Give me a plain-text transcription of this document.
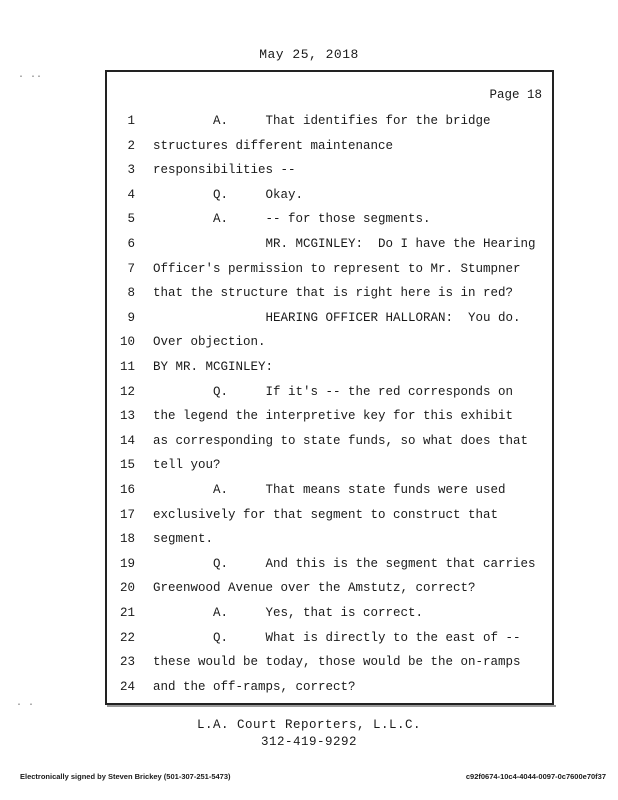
May 25, 2018
· ··
· ·
Page 18
1 A.     That identifies for the bridge
2 structures different maintenance
3 responsibilities --
4 Q.     Okay.
5 A.     -- for those segments.
6 MR. MCGINLEY:  Do I have the Hearing
7 Officer's permission to represent to Mr. Stumpner
8 that the structure that is right here is in red?
9 HEARING OFFICER HALLORAN:  You do.
10 Over objection.
11 BY MR. MCGINLEY:
12 Q.     If it's -- the red corresponds on
13 the legend the interpretive key for this exhibit
14 as corresponding to state funds, so what does that
15 tell you?
16 A.     That means state funds were used
17 exclusively for that segment to construct that
18 segment.
19 Q.     And this is the segment that carries
20 Greenwood Avenue over the Amstutz, correct?
21 A.     Yes, that is correct.
22 Q.     What is directly to the east of --
23 these would be today, those would be the on-ramps
24 and the off-ramps, correct?
L.A. Court Reporters, L.L.C.
312-419-9292
Electronically signed by Steven Brickey (501-307-251-5473)	c92f0674-10c4-4044-0097-0c7600e70f37
